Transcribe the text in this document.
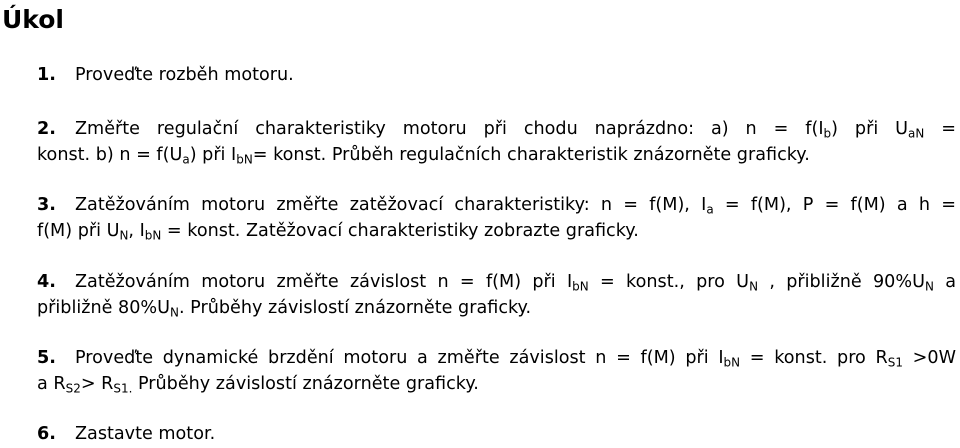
Úkol
1. Proveďte rozběh motoru.
2. Změřte regulační charakteristiky motoru při chodu naprázdno: a) $n = f(I_b)$ při $U_{aN}$ =
konst. b) $n = f(U_a)$ při $I_{bN}=$ konst. Průběh regulačních charakteristik znázorněte graficky.
3. Zatěžováním motoru změřte zatěžovací charakteristiky: n = f(M), $I_a = f(M)$, P = f(M) a h =
f(M) při $U_N$, $I_{bN}$ = konst. Zatěžovací charakteristiky zobrazte graficky.
4. Zatěžováním motoru změřte závislost n = f(M) při $I_{bN}$ = konst., pro $U_N$ , přibližně $90\%U_N$ a
přibližně $80\%U_N$. Průběhy závislostí znázorněte graficky.
5. Proveďte dynamické brzdění motoru a změřte závislost n = f(M) při $I_{bN}$ = konst. pro $R_{S1} >0W$
a $R_{S2}> R_{S1.}$ Průběhy závislostí znázorněte graficky.
6. Zastavte motor.
